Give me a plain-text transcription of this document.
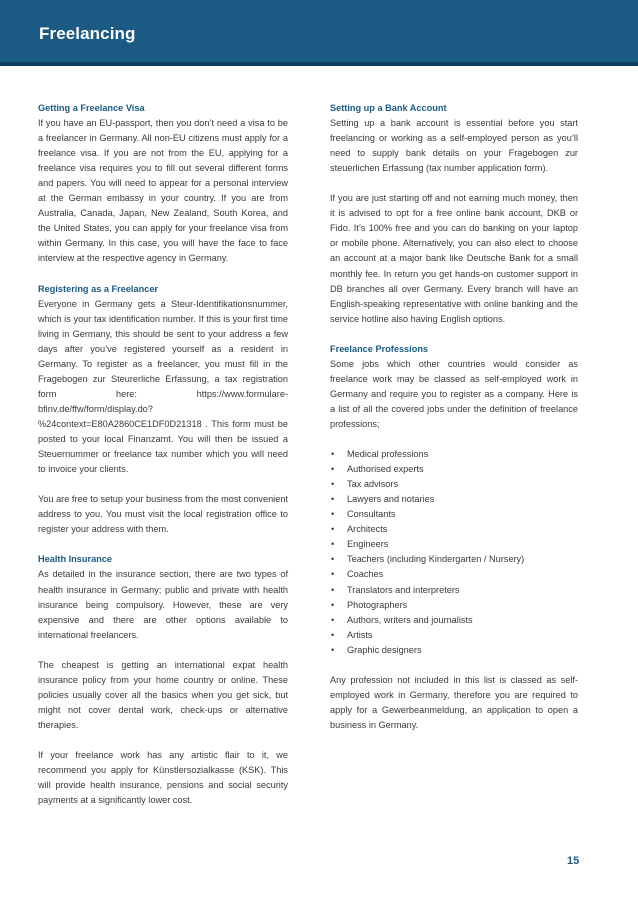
Freelancing

Getting a Freelance Visa

If you have an EU-passport, then you don’t need a visa to be a freelancer in Germany. All non-EU citizens must apply for a freelance visa. If you are not from the EU, applying for a freelance visa requires you to fill out several different forms and papers. You will need to appear for a personal interview at the German embassy in your country. If you are from Australia, Canada, Japan, New Zealand, South Korea, and the United States, you can apply for your freelance visa from within Germany. In this case, you will have the face to face interview at the respective agency in Germany.

Registering as a Freelancer

Everyone in Germany gets a Steur-Identifikationsnummer, which is your tax identification number. If this is your first time living in Germany, this should be sent to your address a few days after you’ve registered yourself as a resident in Germany. To register as a freelancer, you must fill in the Fragebogen zur Steurerliche Erfassung, a tax registration form here: https://www.formulare-bfinv.de/ffw/form/display.do?%24context=E80A2860CE1DF0D21318 . This form must be posted to your local Finanzamt. You will then be issued a Steuernummer or freelance tax number which you will need to invoice your clients.

You are free to setup your business from the most convenient address to you. You must visit the local registration office to register your address with them.

Health Insurance

As detailed in the insurance section, there are two types of health insurance in Germany; public and private with health insurance being compulsory. However, these are very expensive and there are other options available to international freelancers.

The cheapest is getting an international expat health insurance policy from your home country or online. These policies usually cover all the basics when you get sick, but might not cover dental work, check-ups or alternative therapies.

If your freelance work has any artistic flair to it, we recommend you apply for Künstlersozialkasse (KSK). This will provide health insurance, pensions and social security payments at a significantly lower cost.

Setting up a Bank Account

Setting up a bank account is essential before you start freelancing or working as a self-employed person as you’ll need to supply bank details on your Fragebogen zur steuerlichen Erfassung (tax number application form).

If you are just starting off and not earning much money, then it is advised to opt for a free online bank account, DKB or Fido. It’s 100% free and you can do banking on your laptop or mobile phone. Alternatively, you can also elect to choose an account at a major bank like Deutsche Bank for a small monthly fee. In return you get hands-on customer support in DB branches all over Germany. Every branch will have an English-speaking representative with online banking and the service hotline also having English options.

Freelance Professions

Some jobs which other countries would consider as freelance work may be classed as self-employed work in Germany and require you to register as a company. Here is a list of all the covered jobs under the definition of freelance professions;

• Medical professions
• Authorised experts
• Tax advisors
• Lawyers and notaries
• Consultants
• Architects
• Engineers
• Teachers (including Kindergarten / Nursery)
• Coaches
• Translators and interpreters
• Photographers
• Authors, writers and journalists
• Artists
• Graphic designers

Any profession not included in this list is classed as self-employed work in Germany, therefore you are required to apply for a Gewerbeanmeldung, an application to open a business in Germany.

15
